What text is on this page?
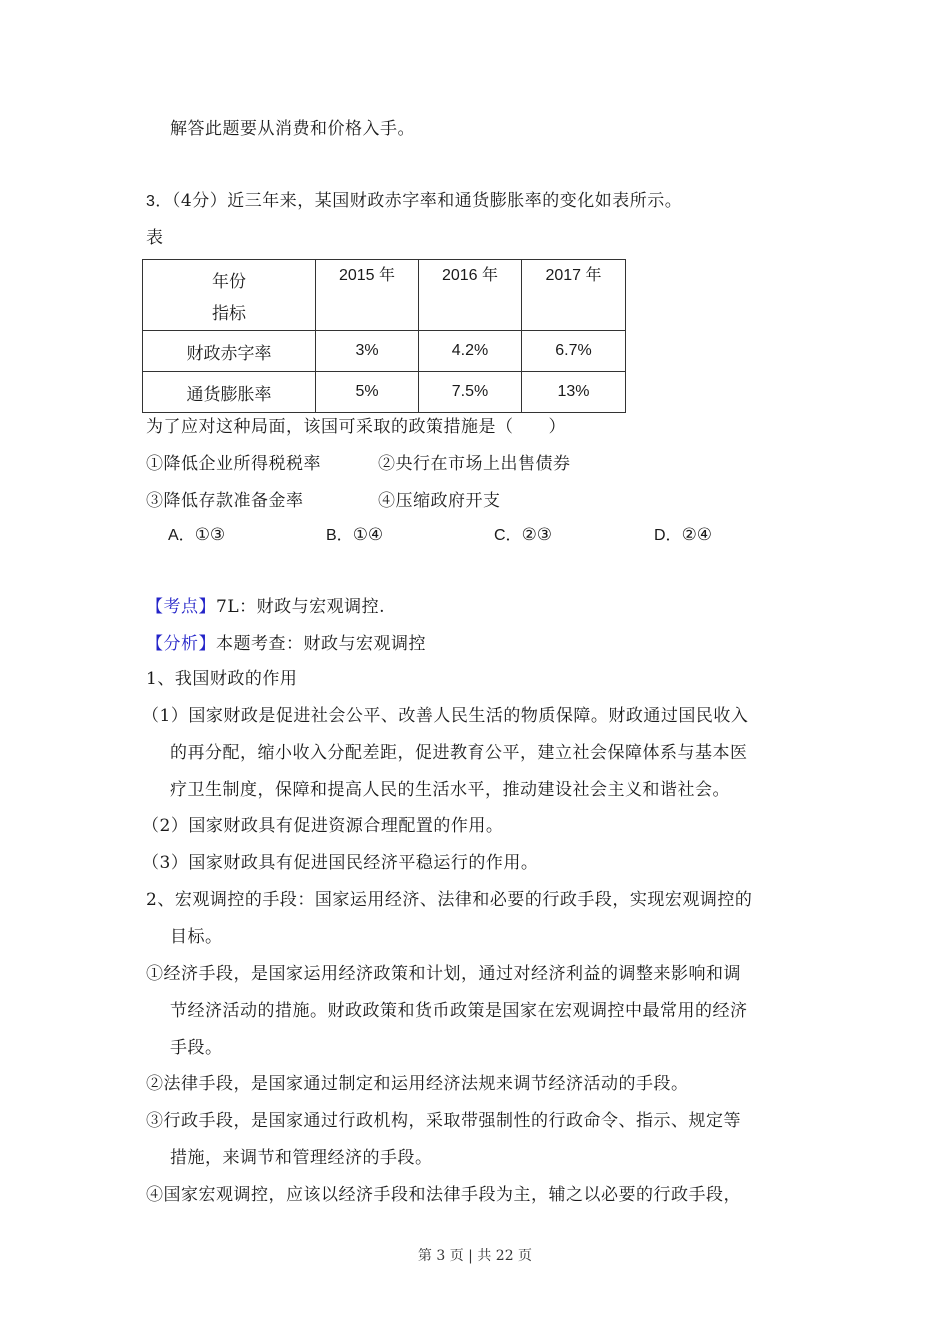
解答此题要从消费和价格入手。
3．（4分）近三年来，某国财政赤字率和通货膨胀率的变化如表所示。
表
年份
指标	2015 年	2016 年	2017 年

财政赤字率	3%	4.2%	6.7%
通货膨胀率	5%	7.5%	13%
为了应对这种局面，该国可采取的政策措施是（　　）
①降低企业所得税税率	②央行在市场上出售债券
③降低存款准备金率	④压缩政府开支
A．①③	B．①④	C．②③	D．②④
【考点】7L：财政与宏观调控.
【分析】本题考查：财政与宏观调控
1、我国财政的作用
（1）国家财政是促进社会公平、改善人民生活的物质保障。财政通过国民收入
的再分配，缩小收入分配差距，促进教育公平，建立社会保障体系与基本医
疗卫生制度，保障和提高人民的生活水平，推动建设社会主义和谐社会。
（2）国家财政具有促进资源合理配置的作用。
（3）国家财政具有促进国民经济平稳运行的作用。
2、宏观调控的手段：国家运用经济、法律和必要的行政手段，实现宏观调控的
目标。
①经济手段，是国家运用经济政策和计划，通过对经济利益的调整来影响和调
节经济活动的措施。财政政策和货币政策是国家在宏观调控中最常用的经济
手段。
②法律手段，是国家通过制定和运用经济法规来调节经济活动的手段。
③行政手段，是国家通过行政机构，采取带强制性的行政命令、指示、规定等
措施，来调节和管理经济的手段。
④国家宏观调控，应该以经济手段和法律手段为主，辅之以必要的行政手段，
第 3 页 | 共 22 页
